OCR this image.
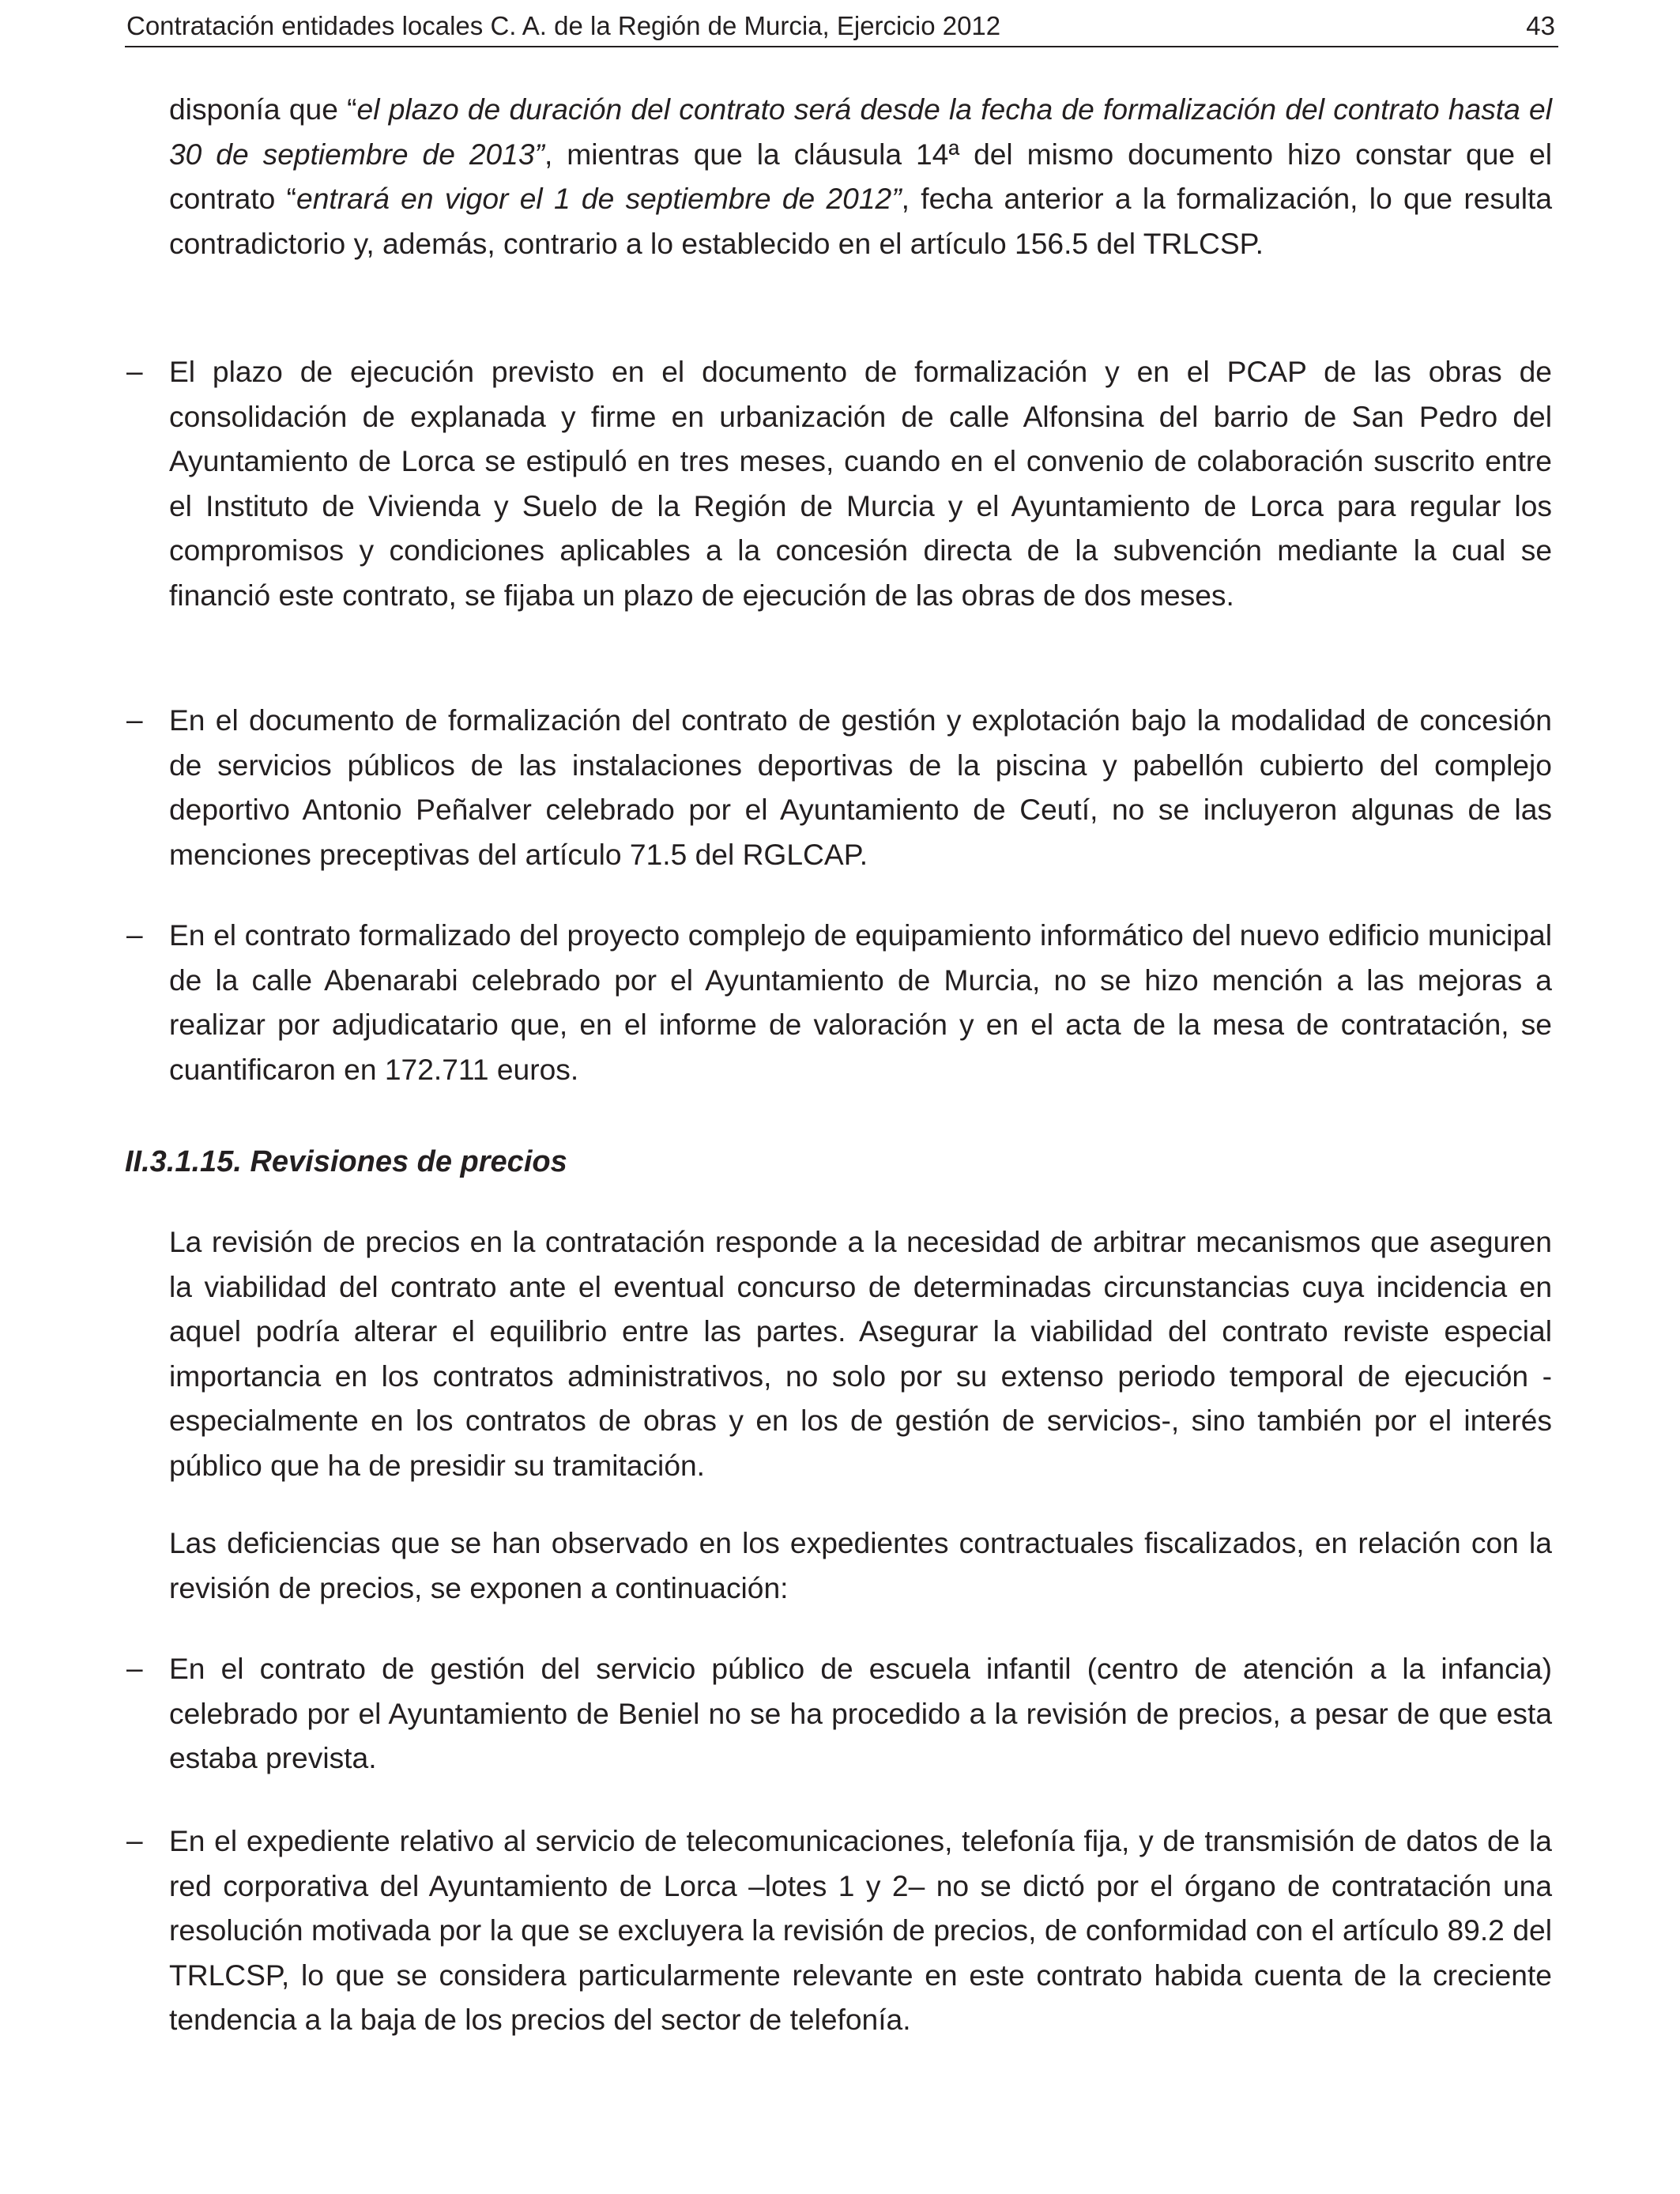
Contratación entidades locales C. A. de la Región de Murcia, Ejercicio 2012	43

disponía que “el plazo de duración del contrato será desde la fecha de formalización del contrato hasta el 30 de septiembre de 2013”, mientras que la cláusula 14ª del mismo documento hizo constar que el contrato “entrará en vigor el 1 de septiembre de 2012”, fecha anterior a la formalización, lo que resulta contradictorio y, además, contrario a lo establecido en el artículo 156.5 del TRLCSP.

– El plazo de ejecución previsto en el documento de formalización y en el PCAP de las obras de consolidación de explanada y firme en urbanización de calle Alfonsina del barrio de San Pedro del Ayuntamiento de Lorca se estipuló en tres meses, cuando en el convenio de colaboración suscrito entre el Instituto de Vivienda y Suelo de la Región de Murcia y el Ayuntamiento de Lorca para regular los compromisos y condiciones aplicables a la concesión directa de la subvención mediante la cual se financió este contrato, se fijaba un plazo de ejecución de las obras de dos meses.

– En el documento de formalización del contrato de gestión y explotación bajo la modalidad de concesión de servicios públicos de las instalaciones deportivas de la piscina y pabellón cubierto del complejo deportivo Antonio Peñalver celebrado por el Ayuntamiento de Ceutí, no se incluyeron algunas de las menciones preceptivas del artículo 71.5 del RGLCAP.

– En el contrato formalizado del proyecto complejo de equipamiento informático del nuevo edificio municipal de la calle Abenarabi celebrado por el Ayuntamiento de Murcia, no se hizo mención a las mejoras a realizar por adjudicatario que, en el informe de valoración y en el acta de la mesa de contratación, se cuantificaron en 172.711 euros.

II.3.1.15. Revisiones de precios

La revisión de precios en la contratación responde a la necesidad de arbitrar mecanismos que aseguren la viabilidad del contrato ante el eventual concurso de determinadas circunstancias cuya incidencia en aquel podría alterar el equilibrio entre las partes. Asegurar la viabilidad del contrato reviste especial importancia en los contratos administrativos, no solo por su extenso periodo temporal de ejecución -especialmente en los contratos de obras y en los de gestión de servicios-, sino también por el interés público que ha de presidir su tramitación.

Las deficiencias que se han observado en los expedientes contractuales fiscalizados, en relación con la revisión de precios, se exponen a continuación:

– En el contrato de gestión del servicio público de escuela infantil (centro de atención a la infancia) celebrado por el Ayuntamiento de Beniel no se ha procedido a la revisión de precios, a pesar de que esta estaba prevista.

– En el expediente relativo al servicio de telecomunicaciones, telefonía fija, y de transmisión de datos de la red corporativa del Ayuntamiento de Lorca –lotes 1 y 2– no se dictó por el órgano de contratación una resolución motivada por la que se excluyera la revisión de precios, de conformidad con el artículo 89.2 del TRLCSP, lo que se considera particularmente relevante en este contrato habida cuenta de la creciente tendencia a la baja de los precios del sector de telefonía.
